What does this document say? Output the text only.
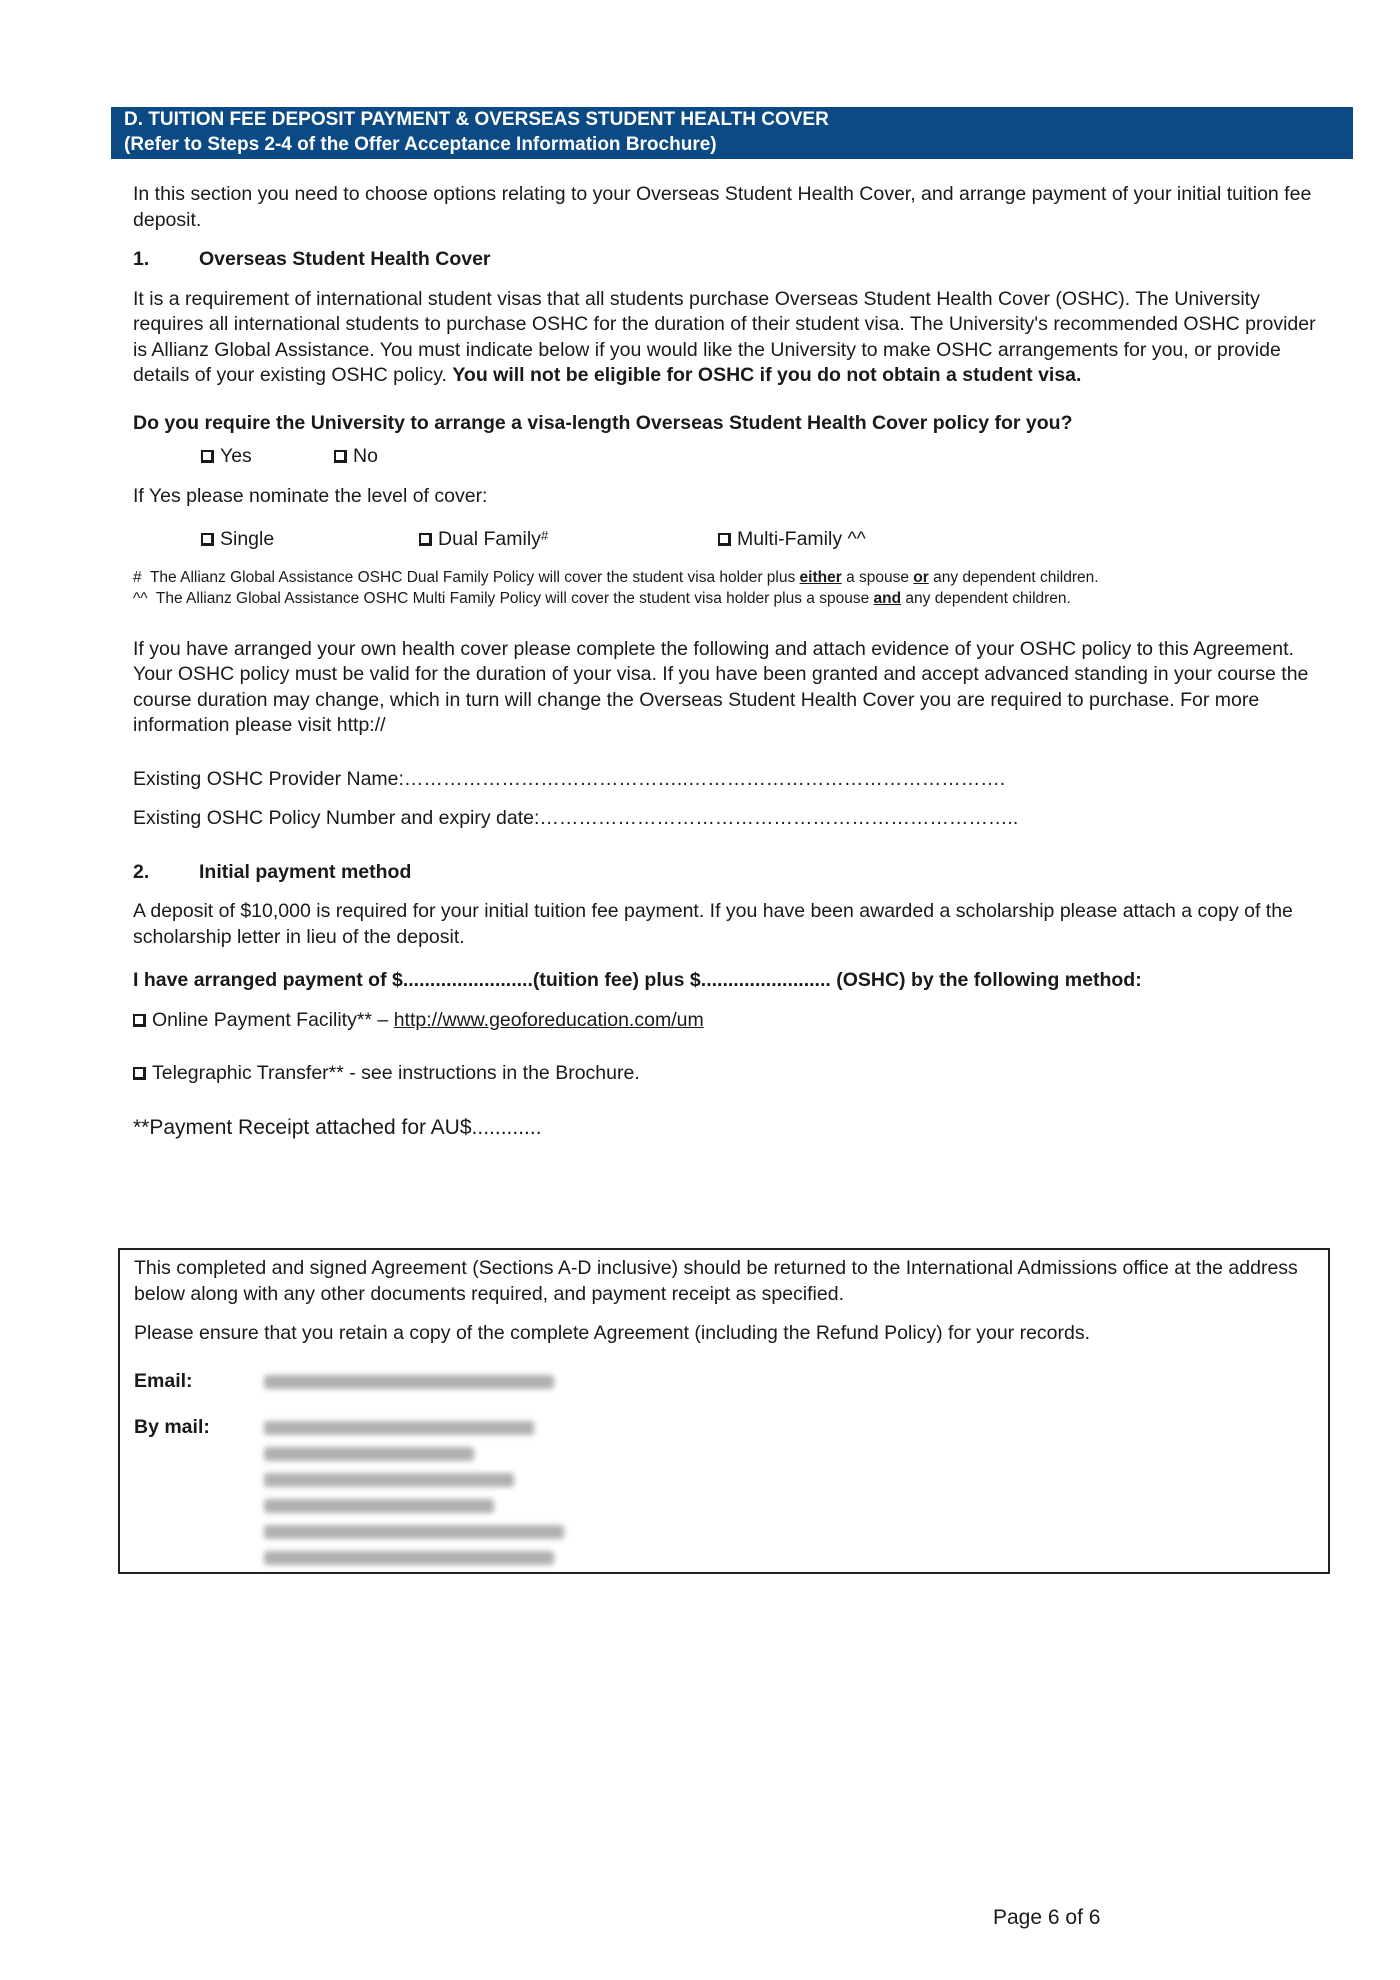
D. TUITION FEE DEPOSIT PAYMENT & OVERSEAS STUDENT HEALTH COVER
(Refer to Steps 2-4 of the Offer Acceptance Information Brochure)

In this section you need to choose options relating to your Overseas Student Health Cover, and arrange payment of your initial tuition fee deposit.

1.	Overseas Student Health Cover

It is a requirement of international student visas that all students purchase Overseas Student Health Cover (OSHC). The University requires all international students to purchase OSHC for the duration of their student visa. The University's recommended OSHC provider is Allianz Global Assistance. You must indicate below if you would like the University to make OSHC arrangements for you, or provide details of your existing OSHC policy. You will not be eligible for OSHC if you do not obtain a student visa.

Do you require the University to arrange a visa-length Overseas Student Health Cover policy for you?

Yes	No

If Yes please nominate the level of cover:

Single	Dual Family#	Multi-Family ^^

# The Allianz Global Assistance OSHC Dual Family Policy will cover the student visa holder plus either a spouse or any dependent children.

^^ The Allianz Global Assistance OSHC Multi Family Policy will cover the student visa holder plus a spouse and any dependent children.

If you have arranged your own health cover please complete the following and attach evidence of your OSHC policy to this Agreement. Your OSHC policy must be valid for the duration of your visa. If you have been granted and accept advanced standing in your course the course duration may change, which in turn will change the Overseas Student Health Cover you are required to purchase. For more information please visit http://

Existing OSHC Provider Name:……………………………………..………………………………………….

Existing OSHC Policy Number and expiry date:………………………………………………………………..

2.	Initial payment method

A deposit of $10,000 is required for your initial tuition fee payment. If you have been awarded a scholarship please attach a copy of the scholarship letter in lieu of the deposit.

I have arranged payment of $........................(tuition fee) plus $........................ (OSHC) by the following method:

Online Payment Facility** –
http://www.geoforeducation.com/um
Telegraphic Transfer** - see instructions in the Brochure.

**Payment Receipt attached for AU$............

This completed and signed Agreement (Sections A-D inclusive) should be returned to the International Admissions office at the address below along with any other documents required, and payment receipt as specified.

Please ensure that you retain a copy of the complete Agreement (including the Refund Policy) for your records.

Email:
By mail:
Page 6 of 6
